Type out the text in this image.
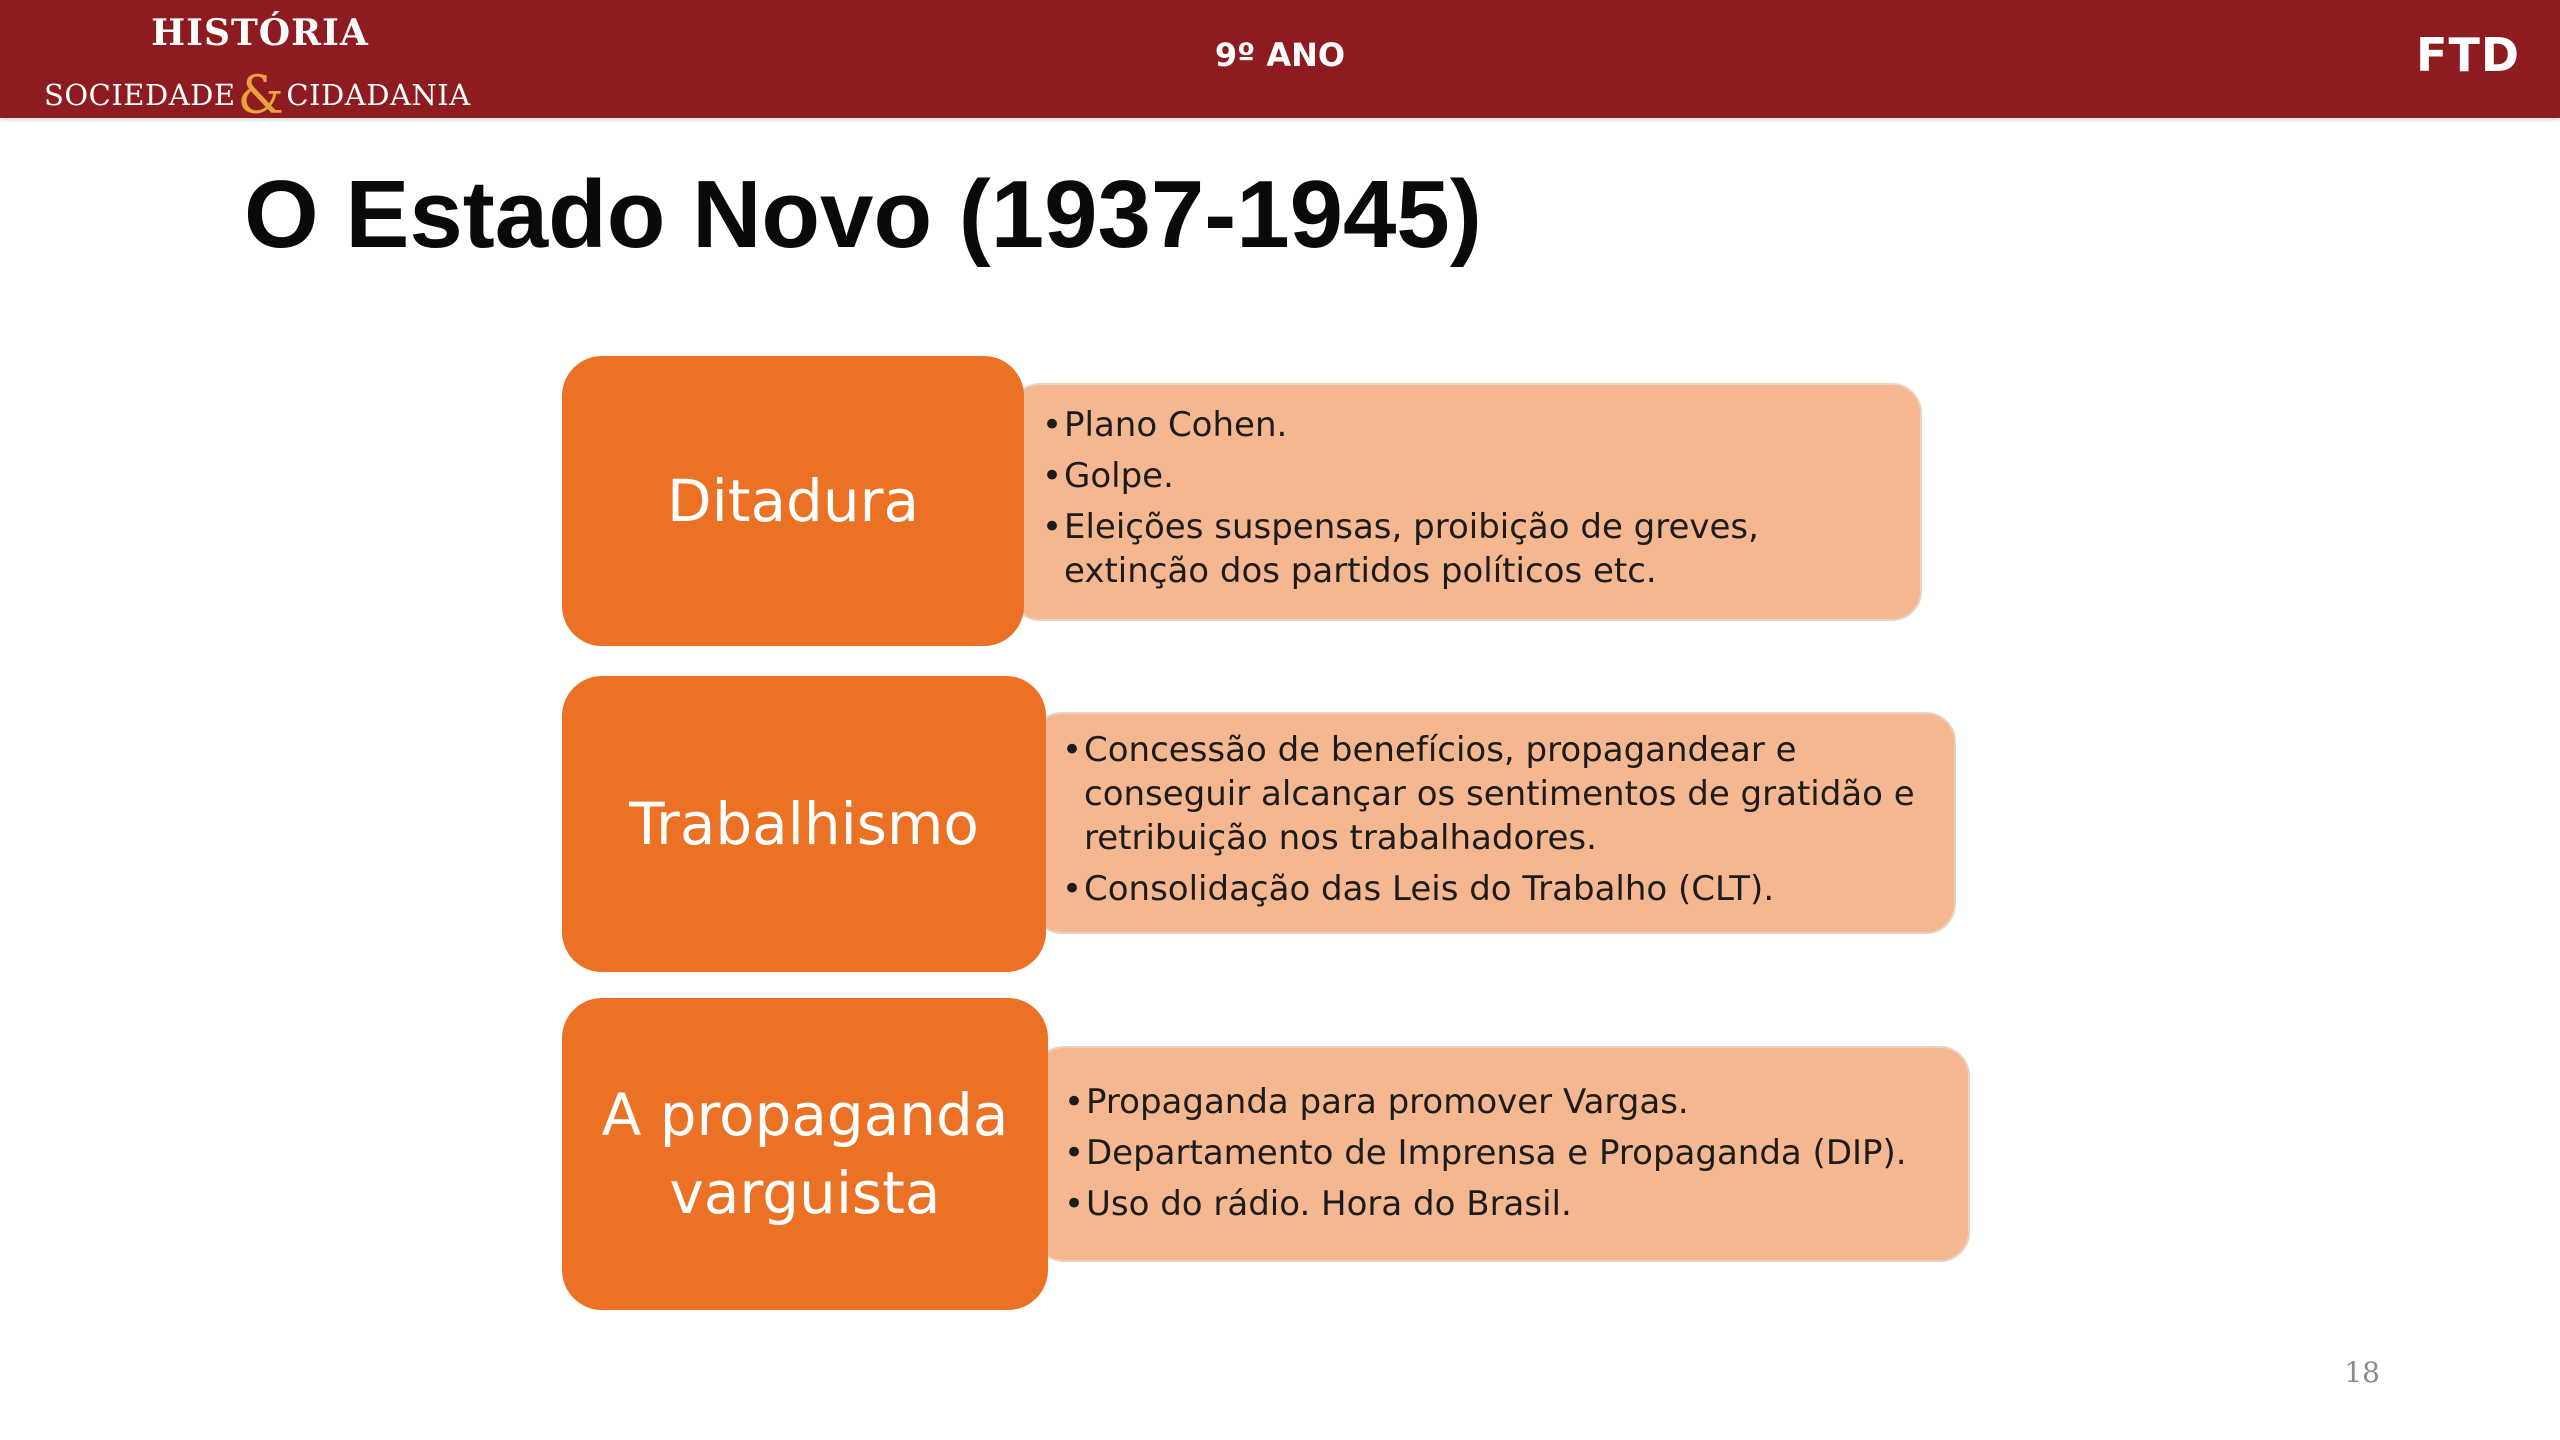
HISTÓRIA
SOCIEDADE&CIDADANIA
9º ANO	FTD
O Estado Novo (1937-1945)
• Plano Cohen.
• Golpe.
• Eleições suspensas, proibição de greves, extinção dos partidos políticos etc.
Ditadura
• Concessão de benefícios, propagandear e conseguir alcançar os sentimentos de gratidão e retribuição nos trabalhadores.
• Consolidação das Leis do Trabalho (CLT).
Trabalhismo
• Propaganda para promover Vargas.
• Departamento de Imprensa e Propaganda (DIP).
• Uso do rádio. Hora do Brasil.
A propaganda varguista
18
